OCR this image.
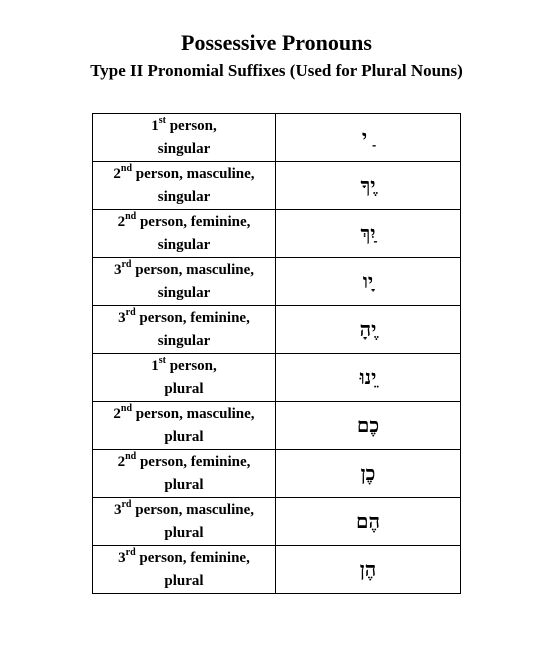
Possessive Pronouns
Type II Pronomial Suffixes (Used for Plural Nouns)
1st person,
singular	ַ י

2nd person, masculine,
singular	ֶיךָ

2nd person, feminine,
singular	ַיִךְ

3rd person, masculine,
singular	ָיו

3rd person, feminine,
singular	ֶיהָ

1st person,
plural	ֵינוּ

2nd person, masculine,
plural	כֶם

2nd person, feminine,
plural	כֶן

3rd person, masculine,
plural	הֶם

3rd person, feminine,
plural	הֶן
